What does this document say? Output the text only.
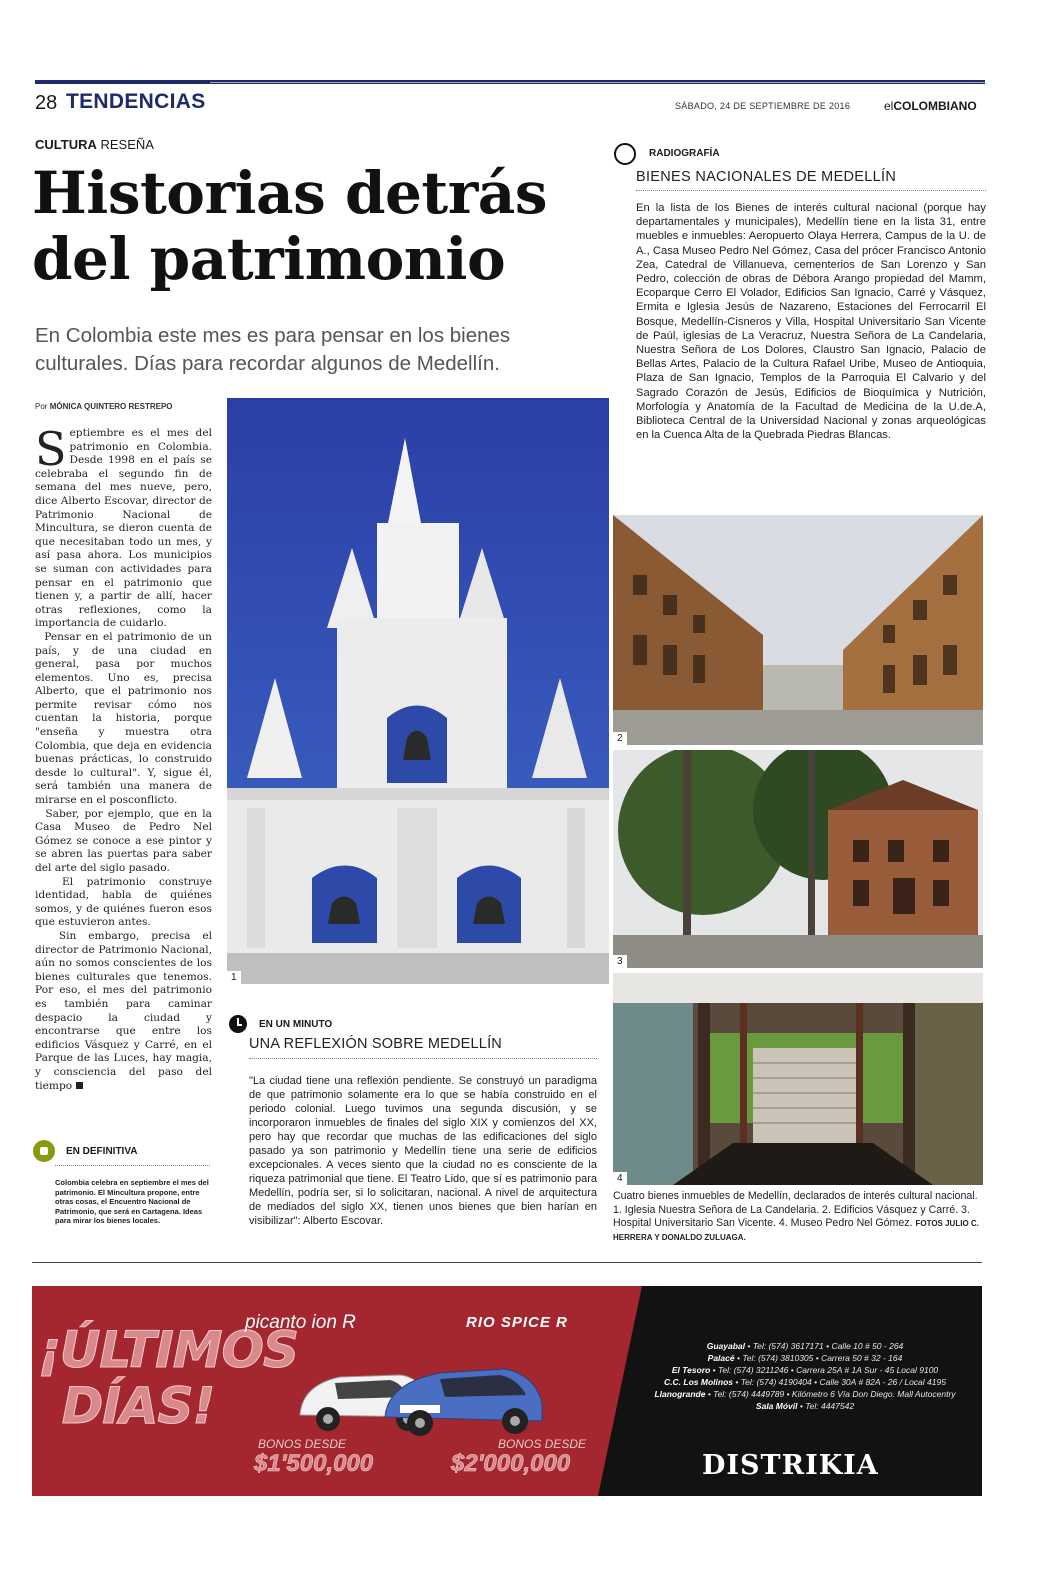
28 TENDENCIAS	SÁBADO, 24 DE SEPTIEMBRE DE 2016	elCOLOMBIANO
CULTURA RESEÑA
Historias detrás del patrimonio
En Colombia este mes es para pensar en los bienes culturales. Días para recordar algunos de Medellín.
Por MÓNICA QUINTERO RESTREPO

Septiembre es el mes del patrimonio en Colombia. Desde 1998 en el país se celebraba el segundo fin de semana del mes nueve, pero, dice Alberto Escovar, director de Patrimonio Nacional de Mincultura, se dieron cuenta de que necesitaban todo un mes, y así pasa ahora. Los municipios se suman con actividades para pensar en el patrimonio que tienen y, a partir de allí, hacer otras reflexiones, como la importancia de cuidarlo.

Pensar en el patrimonio de un país, y de una ciudad en general, pasa por muchos elementos. Uno es, precisa Alberto, que el patrimonio nos permite revisar cómo nos cuentan la historia, porque "enseña y muestra otra Colombia, que deja en evidencia buenas prácticas, lo construido desde lo cultural". Y, sigue él, será también una manera de mirarse en el posconflicto.

Saber, por ejemplo, que en la Casa Museo de Pedro Nel Gómez se conoce a ese pintor y se abren las puertas para saber del arte del siglo pasado.

El patrimonio construye identidad, habla de quiénes somos, y de quiénes fueron esos que estuvieron antes.

Sin embargo, precisa el director de Patrimonio Nacional, aún no somos conscientes de los bienes culturales que tenemos. Por eso, el mes del patrimonio es también para caminar despacio la ciudad y encontrarse que entre los edificios Vásquez y Carré, en el Parque de las Luces, hay magia, y consciencia del paso del tiempo

EN DEFINITIVA
Colombia celebra en septiembre el mes del patrimonio. El Mincultura propone, entre otras cosas, el Encuentro Nacional de Patrimonio, que será en Cartagena. Ideas para mirar los bienes locales.
1
EN UN MINUTO
UNA REFLEXIÓN SOBRE MEDELLÍN
"La ciudad tiene una reflexión pendiente. Se construyó un paradigma de que patrimonio solamente era lo que se había construido en el periodo colonial. Luego tuvimos una segunda discusión, y se incorporaron inmuebles de finales del siglo XIX y comienzos del XX, pero hay que recordar que muchas de las edificaciones del siglo pasado ya son patrimonio y Medellín tiene una serie de edificios excepcionales. A veces siento que la ciudad no es consciente de la riqueza patrimonial que tiene. El Teatro Lido, que sí es patrimonio para Medellín, podría ser, si lo solicitaran, nacional. A nivel de arquitectura de mediados del siglo XX, tienen unos bienes que bien harían en visibilizar": Alberto Escovar.
RADIOGRAFÍA
BIENES NACIONALES DE MEDELLÍN
En la lista de los Bienes de interés cultural nacional (porque hay departamentales y municipales), Medellín tiene en la lista 31, entre muebles e inmuebles: Aeropuerto Olaya Herrera, Campus de la U. de A., Casa Museo Pedro Nel Gómez, Casa del prócer Francisco Antonio Zea, Catedral de Villanueva, cementerios de San Lorenzo y San Pedro, colección de obras de Débora Arango propiedad del Mamm, Ecoparque Cerro El Volador, Edificios San Ignacio, Carré y Vásquez, Ermita e Iglesia Jesús de Nazareno, Estaciones del Ferrocarril El Bosque, Medellín-Cisneros y Villa, Hospital Universitario San Vicente de Paúl, iglesias de La Veracruz, Nuestra Señora de La Candelaria, Nuestra Señora de Los Dolores, Claustro San Ignacio, Palacio de Bellas Artes, Palacio de la Cultura Rafael Uribe, Museo de Antioquia, Plaza de San Ignacio, Templos de la Parroquia El Calvario y del Sagrado Corazón de Jesús, Edificios de Bioquímica y Nutrición, Morfología y Anatomía de la Facultad de Medicina de la U.de.A, Biblioteca Central de la Universidad Nacional y zonas arqueológicas en la Cuenca Alta de la Quebrada Piedras Blancas.
2
3
4
Cuatro bienes inmuebles de Medellín, declarados de interés cultural nacional. 1. Iglesia Nuestra Señora de La Candelaria. 2. Edificios Vásquez y Carré. 3. Hospital Universitario San Vicente. 4. Museo Pedro Nel Gómez. FOTOS JULIO C. HERRERA Y DONALDO ZULUAGA.
¡ÚLTIMOS
DÍAS!
picanto ion R	RIO SPICE R
BONOS DESDE
$1'500,000
BONOS DESDE
$2'000,000
Guayabal • Tel: (574) 3617171 • Calle 10 # 50 - 264
Palacé • Tel: (574) 3810305 • Carrera 50 # 32 - 164
El Tesoro • Tel: (574) 3211246 • Carrera 25A # 1A Sur - 45 Local 9100
C.C. Los Molinos • Tel: (574) 4190404 • Calle 30A # 82A - 26 / Local 4195
Llanogrande • Tel: (574) 4449789 • Kilómetro 6 Vía Don Diego. Mall Autocentry
Sala Móvil • Tel: 4447542
DISTRIKIA
